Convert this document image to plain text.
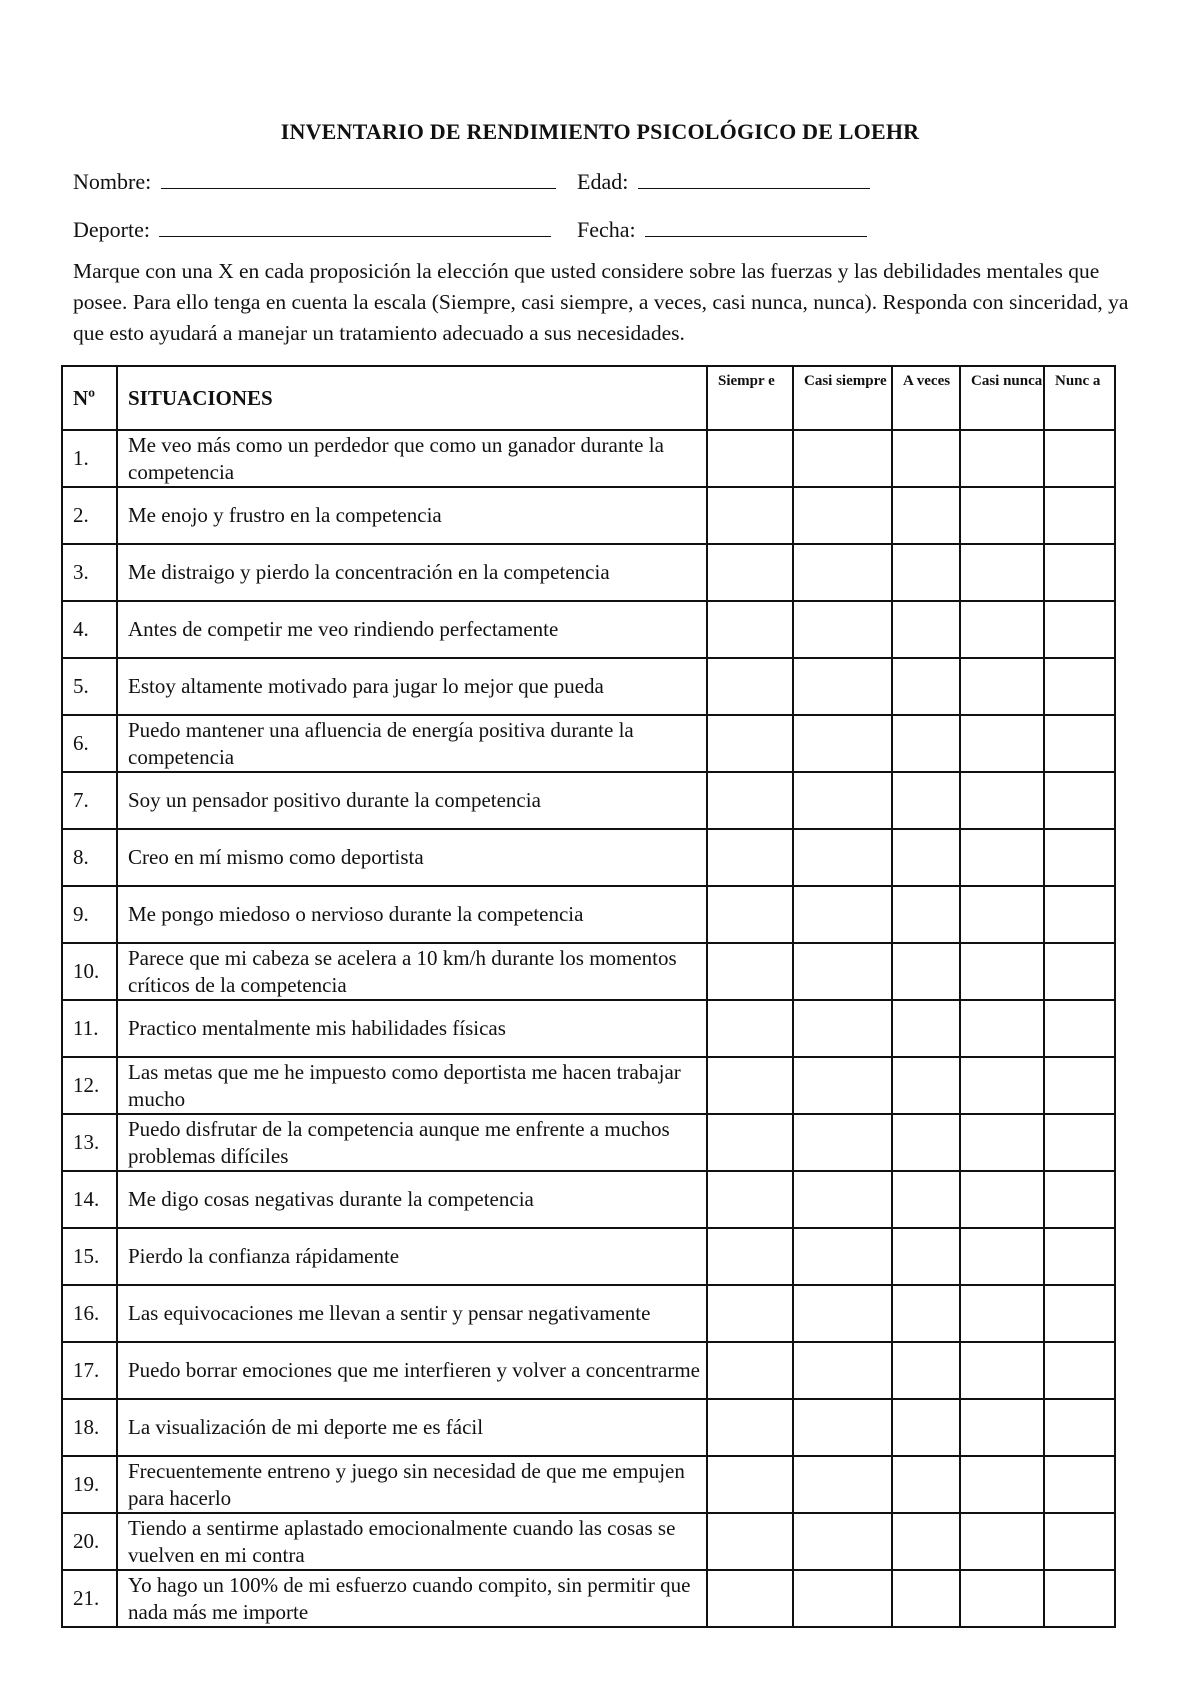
INVENTARIO DE RENDIMIENTO PSICOLÓGICO DE LOEHR
Nombre:	Edad:
Deporte:	Fecha:
Marque con una X en cada proposición la elección que usted considere sobre las fuerzas y las debilidades mentales que posee. Para ello tenga en cuenta la escala (Siempre, casi siempre, a veces, casi nunca, nunca). Responda con sinceridad, ya que esto ayudará a manejar un tratamiento adecuado a sus necesidades.
Nº	SITUACIONES	Siempr e	Casi siempre	A veces	Casi nunca	Nunc a
1.	Me veo más como un perdedor que como un ganador durante la competencia					
2.	Me enojo y frustro en la competencia					
3.	Me distraigo y pierdo la concentración en la competencia					
4.	Antes de competir me veo rindiendo perfectamente					
5.	Estoy altamente motivado para jugar lo mejor que pueda					
6.	Puedo mantener una afluencia de energía positiva durante la competencia					
7.	Soy un pensador positivo durante la competencia					
8.	Creo en mí mismo como deportista					
9.	Me pongo miedoso o nervioso durante la competencia					
10.	Parece que mi cabeza se acelera a 10 km/h durante los momentos críticos de la competencia					
11.	Practico mentalmente mis habilidades físicas					
12.	Las metas que me he impuesto como deportista me hacen trabajar mucho					
13.	Puedo disfrutar de la competencia aunque me enfrente a muchos problemas difíciles					
14.	Me digo cosas negativas durante la competencia					
15.	Pierdo la confianza rápidamente					
16.	Las equivocaciones me llevan a sentir y pensar negativamente					
17.	Puedo borrar emociones que me interfieren y volver a concentrarme					
18.	La visualización de mi deporte me es fácil					
19.	Frecuentemente entreno y juego sin necesidad de que me empujen para hacerlo					
20.	Tiendo a sentirme aplastado emocionalmente cuando las cosas se vuelven en mi contra					
21.	Yo hago un 100% de mi esfuerzo cuando compito, sin permitir que nada más me importe					
